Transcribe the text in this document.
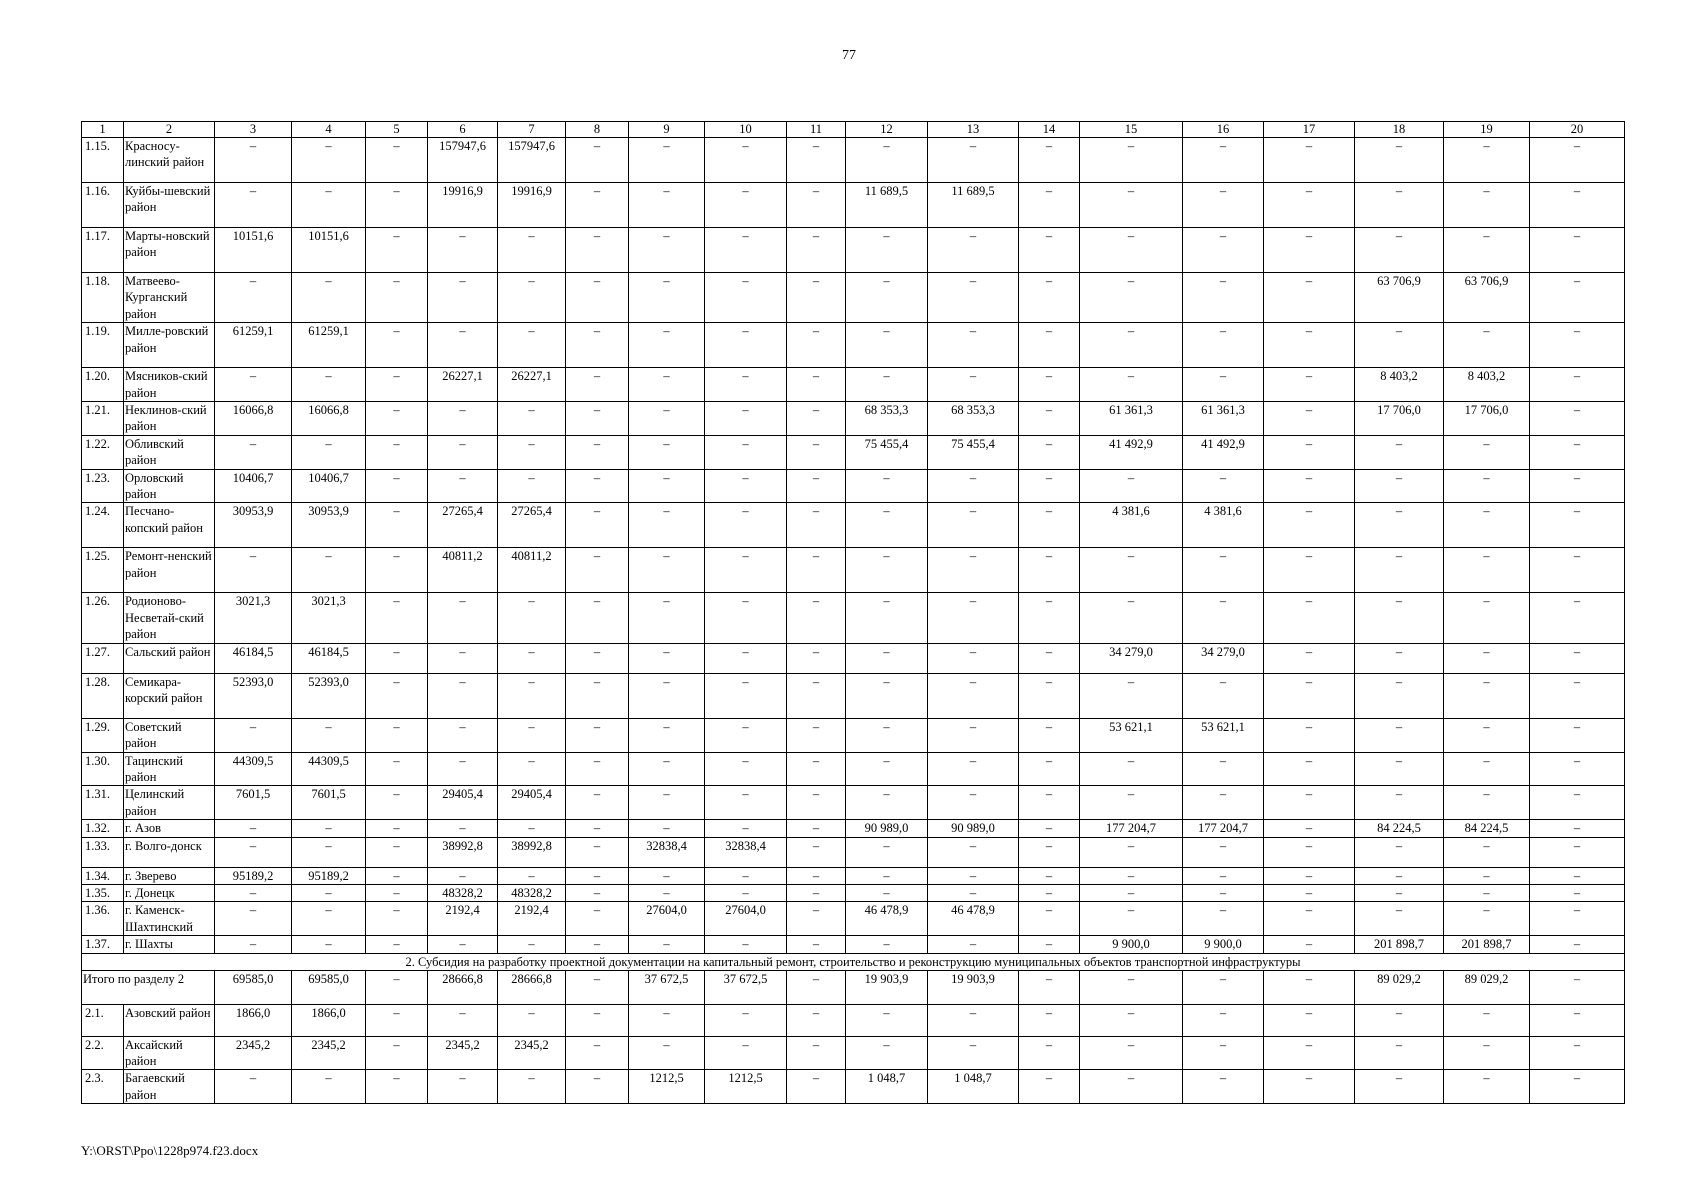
77
1	2	3	4	5	6	7	8	9	10	11	12	13	14	15	16	17	18	19	20
1.15.	Красносу-линский район	–	–	–	157947,6	157947,6	–	–	–	–	–	–	–	–	–	–	–	–	–
1.16.	Куйбы-шевский район	–	–	–	19916,9	19916,9	–	–	–	–	11 689,5	11 689,5	–	–	–	–	–	–	–
1.17.	Марты-новский район	10151,6	10151,6	–	–	–	–	–	–	–	–	–	–	–	–	–	–	–	–
1.18.	Матвеево-Курганский район	–	–	–	–	–	–	–	–	–	–	–	–	–	–	–	63 706,9	63 706,9	–
1.19.	Милле-ровский район	61259,1	61259,1	–	–	–	–	–	–	–	–	–	–	–	–	–	–	–	–
1.20.	Мясников-ский район	–	–	–	26227,1	26227,1	–	–	–	–	–	–	–	–	–	–	8 403,2	8 403,2	–
1.21.	Неклинов-ский район	16066,8	16066,8	–	–	–	–	–	–	–	68 353,3	68 353,3	–	61 361,3	61 361,3	–	17 706,0	17 706,0	–
1.22.	Обливский район	–	–	–	–	–	–	–	–	–	75 455,4	75 455,4	–	41 492,9	41 492,9	–	–	–	–
1.23.	Орловский район	10406,7	10406,7	–	–	–	–	–	–	–	–	–	–	–	–	–	–	–	–
1.24.	Песчано-копский район	30953,9	30953,9	–	27265,4	27265,4	–	–	–	–	–	–	–	4 381,6	4 381,6	–	–	–	–
1.25.	Ремонт-ненский район	–	–	–	40811,2	40811,2	–	–	–	–	–	–	–	–	–	–	–	–	–
1.26.	Родионово-Несветай-ский район	3021,3	3021,3	–	–	–	–	–	–	–	–	–	–	–	–	–	–	–	–
1.27.	Сальский район	46184,5	46184,5	–	–	–	–	–	–	–	–	–	–	34 279,0	34 279,0	–	–	–	–
1.28.	Семикара-корский район	52393,0	52393,0	–	–	–	–	–	–	–	–	–	–	–	–	–	–	–	–
1.29.	Советский район	–	–	–	–	–	–	–	–	–	–	–	–	53 621,1	53 621,1	–	–	–	–
1.30.	Тацинский район	44309,5	44309,5	–	–	–	–	–	–	–	–	–	–	–	–	–	–	–	–
1.31.	Целинский район	7601,5	7601,5	–	29405,4	29405,4	–	–	–	–	–	–	–	–	–	–	–	–	–
1.32.	г. Азов	–	–	–	–	–	–	–	–	–	90 989,0	90 989,0	–	177 204,7	177 204,7	–	84 224,5	84 224,5	–
1.33.	г. Волго-донск	–	–	–	38992,8	38992,8	–	32838,4	32838,4	–	–	–	–	–	–	–	–	–	–
1.34.	г. Зверево	95189,2	95189,2	–	–	–	–	–	–	–	–	–	–	–	–	–	–	–	–
1.35.	г. Донецк	–	–	–	48328,2	48328,2	–	–	–	–	–	–	–	–	–	–	–	–	–
1.36.	г. Каменск-Шахтинский	–	–	–	2192,4	2192,4	–	27604,0	27604,0	–	46 478,9	46 478,9	–	–	–	–	–	–	–
1.37.	г. Шахты	–	–	–	–	–	–	–	–	–	–	–	–	9 900,0	9 900,0	–	201 898,7	201 898,7	–
2. Субсидия на разработку проектной документации на капитальный ремонт, строительство и реконструкцию муниципальных объектов транспортной инфраструктуры																			
Итого по разделу 2		69585,0	69585,0	–	28666,8	28666,8	–	37 672,5	37 672,5	–	19 903,9	19 903,9	–	–	–	–	89 029,2	89 029,2	–
2.1.	Азовский район	1866,0	1866,0	–	–	–	–	–	–	–	–	–	–	–	–	–	–	–	–
2.2.	Аксайский район	2345,2	2345,2	–	2345,2	2345,2	–	–	–	–	–	–	–	–	–	–	–	–	–
2.3.	Багаевский район	–	–	–	–	–	–	1212,5	1212,5	–	1 048,7	1 048,7	–	–	–	–	–	–	–
Y:\ORST\Ppo\1228p974.f23.docx
